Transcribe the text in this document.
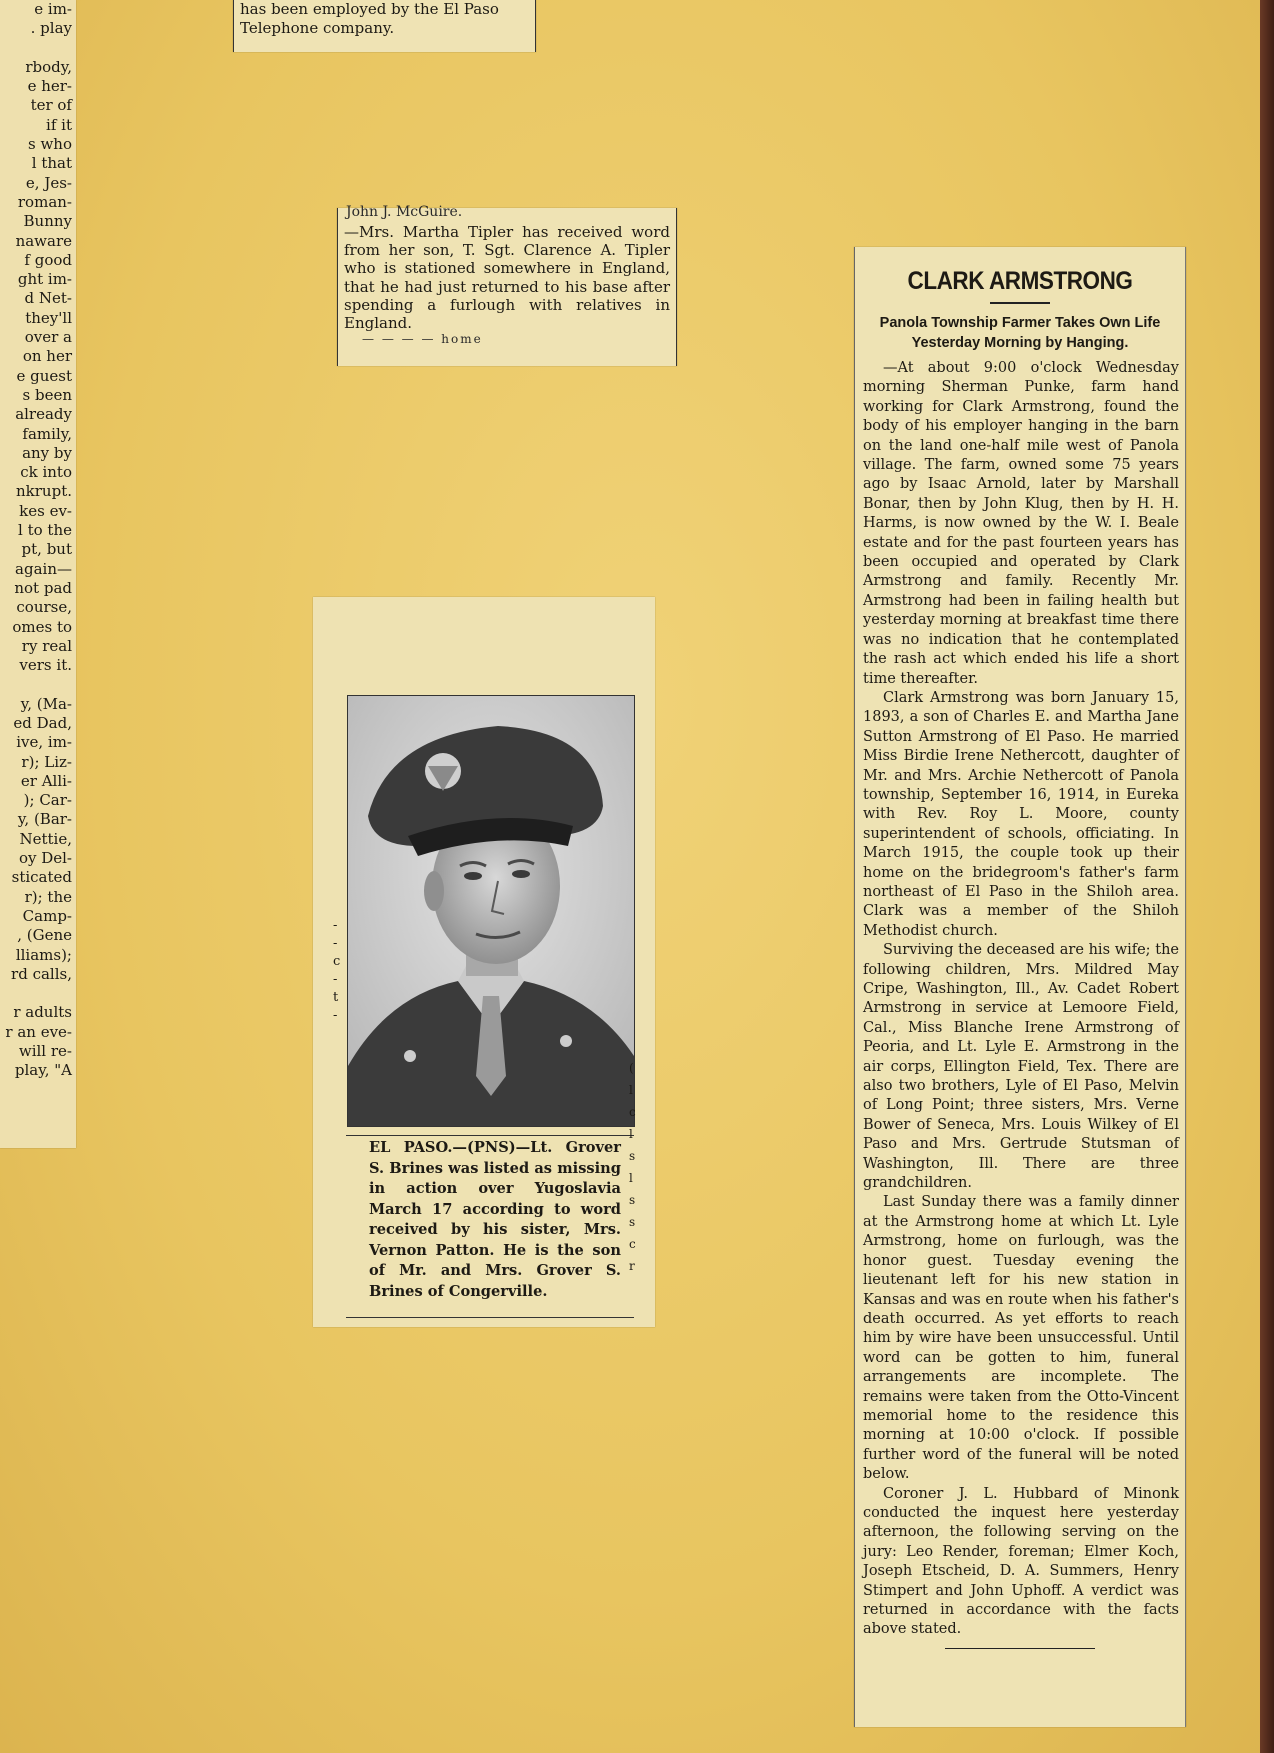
e im-
. play
rbody,
e her-
ter of
if it
s who
l that
e, Jes-
roman-
Bunny
naware
f good
ght im-
d Net-
they'll
over a
on her
e guest
s been
already
family,
any by
ck into
nkrupt.
kes ev-
l to the
pt, but
again—
not pad
course,
omes to
ry real
vers it.
y, (Ma-
ed Dad,
ive, im-
r); Liz-
er Alli-
); Car-
y, (Bar-
Nettie,
oy Del-
sticated
r); the
Camp-
, (Gene
lliams);
rd calls,
r adults
r an eve-
will re-
play, "A

has been employed by the El Paso Telephone company.

John J. McGuire.
—Mrs. Martha Tipler has received word from her son, T. Sgt. Clarence A. Tipler who is stationed somewhere in England, that he had just returned to his base after spending a furlough with relatives in England.
— — — — home
-
-
c
-
t
-
EL PASO.—(PNS)—Lt. Grover S. Brines was listed as missing in action over Yugoslavia March 17 according to word received by his sister, Mrs. Vernon Patton. He is the son of Mr. and Mrs. Grover S. Brines of Congerville.
(
l
c
l
s
l
s
s
c
r
CLARK ARMSTRONG
Panola Township Farmer Takes Own Life Yesterday Morning by Hanging.

—At about 9:00 o'clock Wednesday morning Sherman Punke, farm hand working for Clark Armstrong, found the body of his employer hanging in the barn on the land one-half mile west of Panola village. The farm, owned some 75 years ago by Isaac Arnold, later by Marshall Bonar, then by John Klug, then by H. H. Harms, is now owned by the W. I. Beale estate and for the past fourteen years has been occupied and operated by Clark Armstrong and family. Recently Mr. Armstrong had been in failing health but yesterday morning at breakfast time there was no indication that he contemplated the rash act which ended his life a short time thereafter.

Clark Armstrong was born January 15, 1893, a son of Charles E. and Martha Jane Sutton Armstrong of El Paso. He married Miss Birdie Irene Nethercott, daughter of Mr. and Mrs. Archie Nethercott of Panola township, September 16, 1914, in Eureka with Rev. Roy L. Moore, county superintendent of schools, officiating. In March 1915, the couple took up their home on the bridegroom's father's farm northeast of El Paso in the Shiloh area. Clark was a member of the Shiloh Methodist church.

Surviving the deceased are his wife; the following children, Mrs. Mildred May Cripe, Washington, Ill., Av. Cadet Robert Armstrong in service at Lemoore Field, Cal., Miss Blanche Irene Armstrong of Peoria, and Lt. Lyle E. Armstrong in the air corps, Ellington Field, Tex. There are also two brothers, Lyle of El Paso, Melvin of Long Point; three sisters, Mrs. Verne Bower of Seneca, Mrs. Louis Wilkey of El Paso and Mrs. Gertrude Stutsman of Washington, Ill. There are three grandchildren.

Last Sunday there was a family dinner at the Armstrong home at which Lt. Lyle Armstrong, home on furlough, was the honor guest. Tuesday evening the lieutenant left for his new station in Kansas and was en route when his father's death occurred. As yet efforts to reach him by wire have been unsuccessful. Until word can be gotten to him, funeral arrangements are incomplete. The remains were taken from the Otto-Vincent memorial home to the residence this morning at 10:00 o'clock. If possible further word of the funeral will be noted below.

Coroner J. L. Hubbard of Minonk conducted the inquest here yesterday afternoon, the following serving on the jury: Leo Render, foreman; Elmer Koch, Joseph Etscheid, D. A. Summers, Henry Stimpert and John Uphoff. A verdict was returned in accordance with the facts above stated.
